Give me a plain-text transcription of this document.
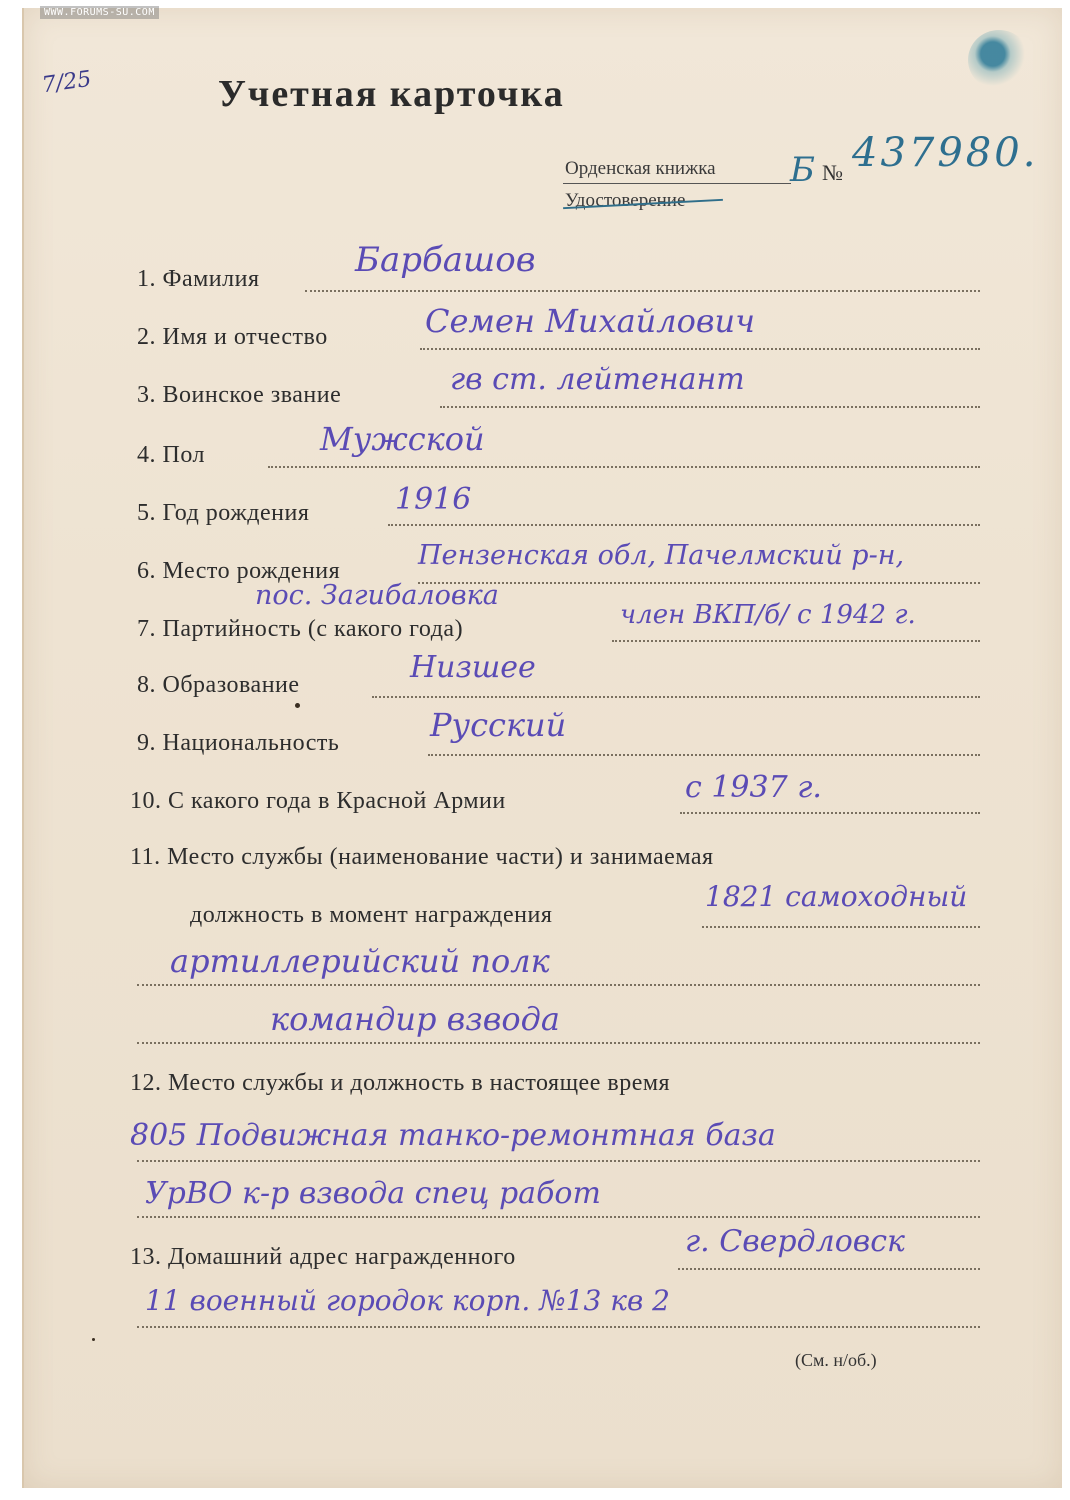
WWW.FORUMS-SU.COM
7/25	Учетная карточка
Орденская книжка
Удостоверение
Б № 437980.
1. Фамилия	Барбашов
2. Имя и отчество	Семен Михайлович
3. Воинское звание	гв ст. лейтенант
4. Пол	Мужской
5. Год рождения	1916
6. Место рождения	Пензенская обл, Пачелмский р-н,
пос. Загибаловка
7. Партийность (с какого года)	член ВКП/б/ с 1942 г.
8. Образование	Низшее
9. Национальность	Русский
10. С какого года в Красной Армии	с 1937 г.
11. Место службы (наименование части) и занимаемая
должность в момент награждения
1821 самоходный
артиллерийский полк
командир взвода
12. Место службы и должность в настоящее время
805 Подвижная танко-ремонтная база
УрВО к-р взвода спец работ
13. Домашний адрес награжденного	г. Свердловск
11 военный городок корп. №13 кв 2
(См. н/об.)
